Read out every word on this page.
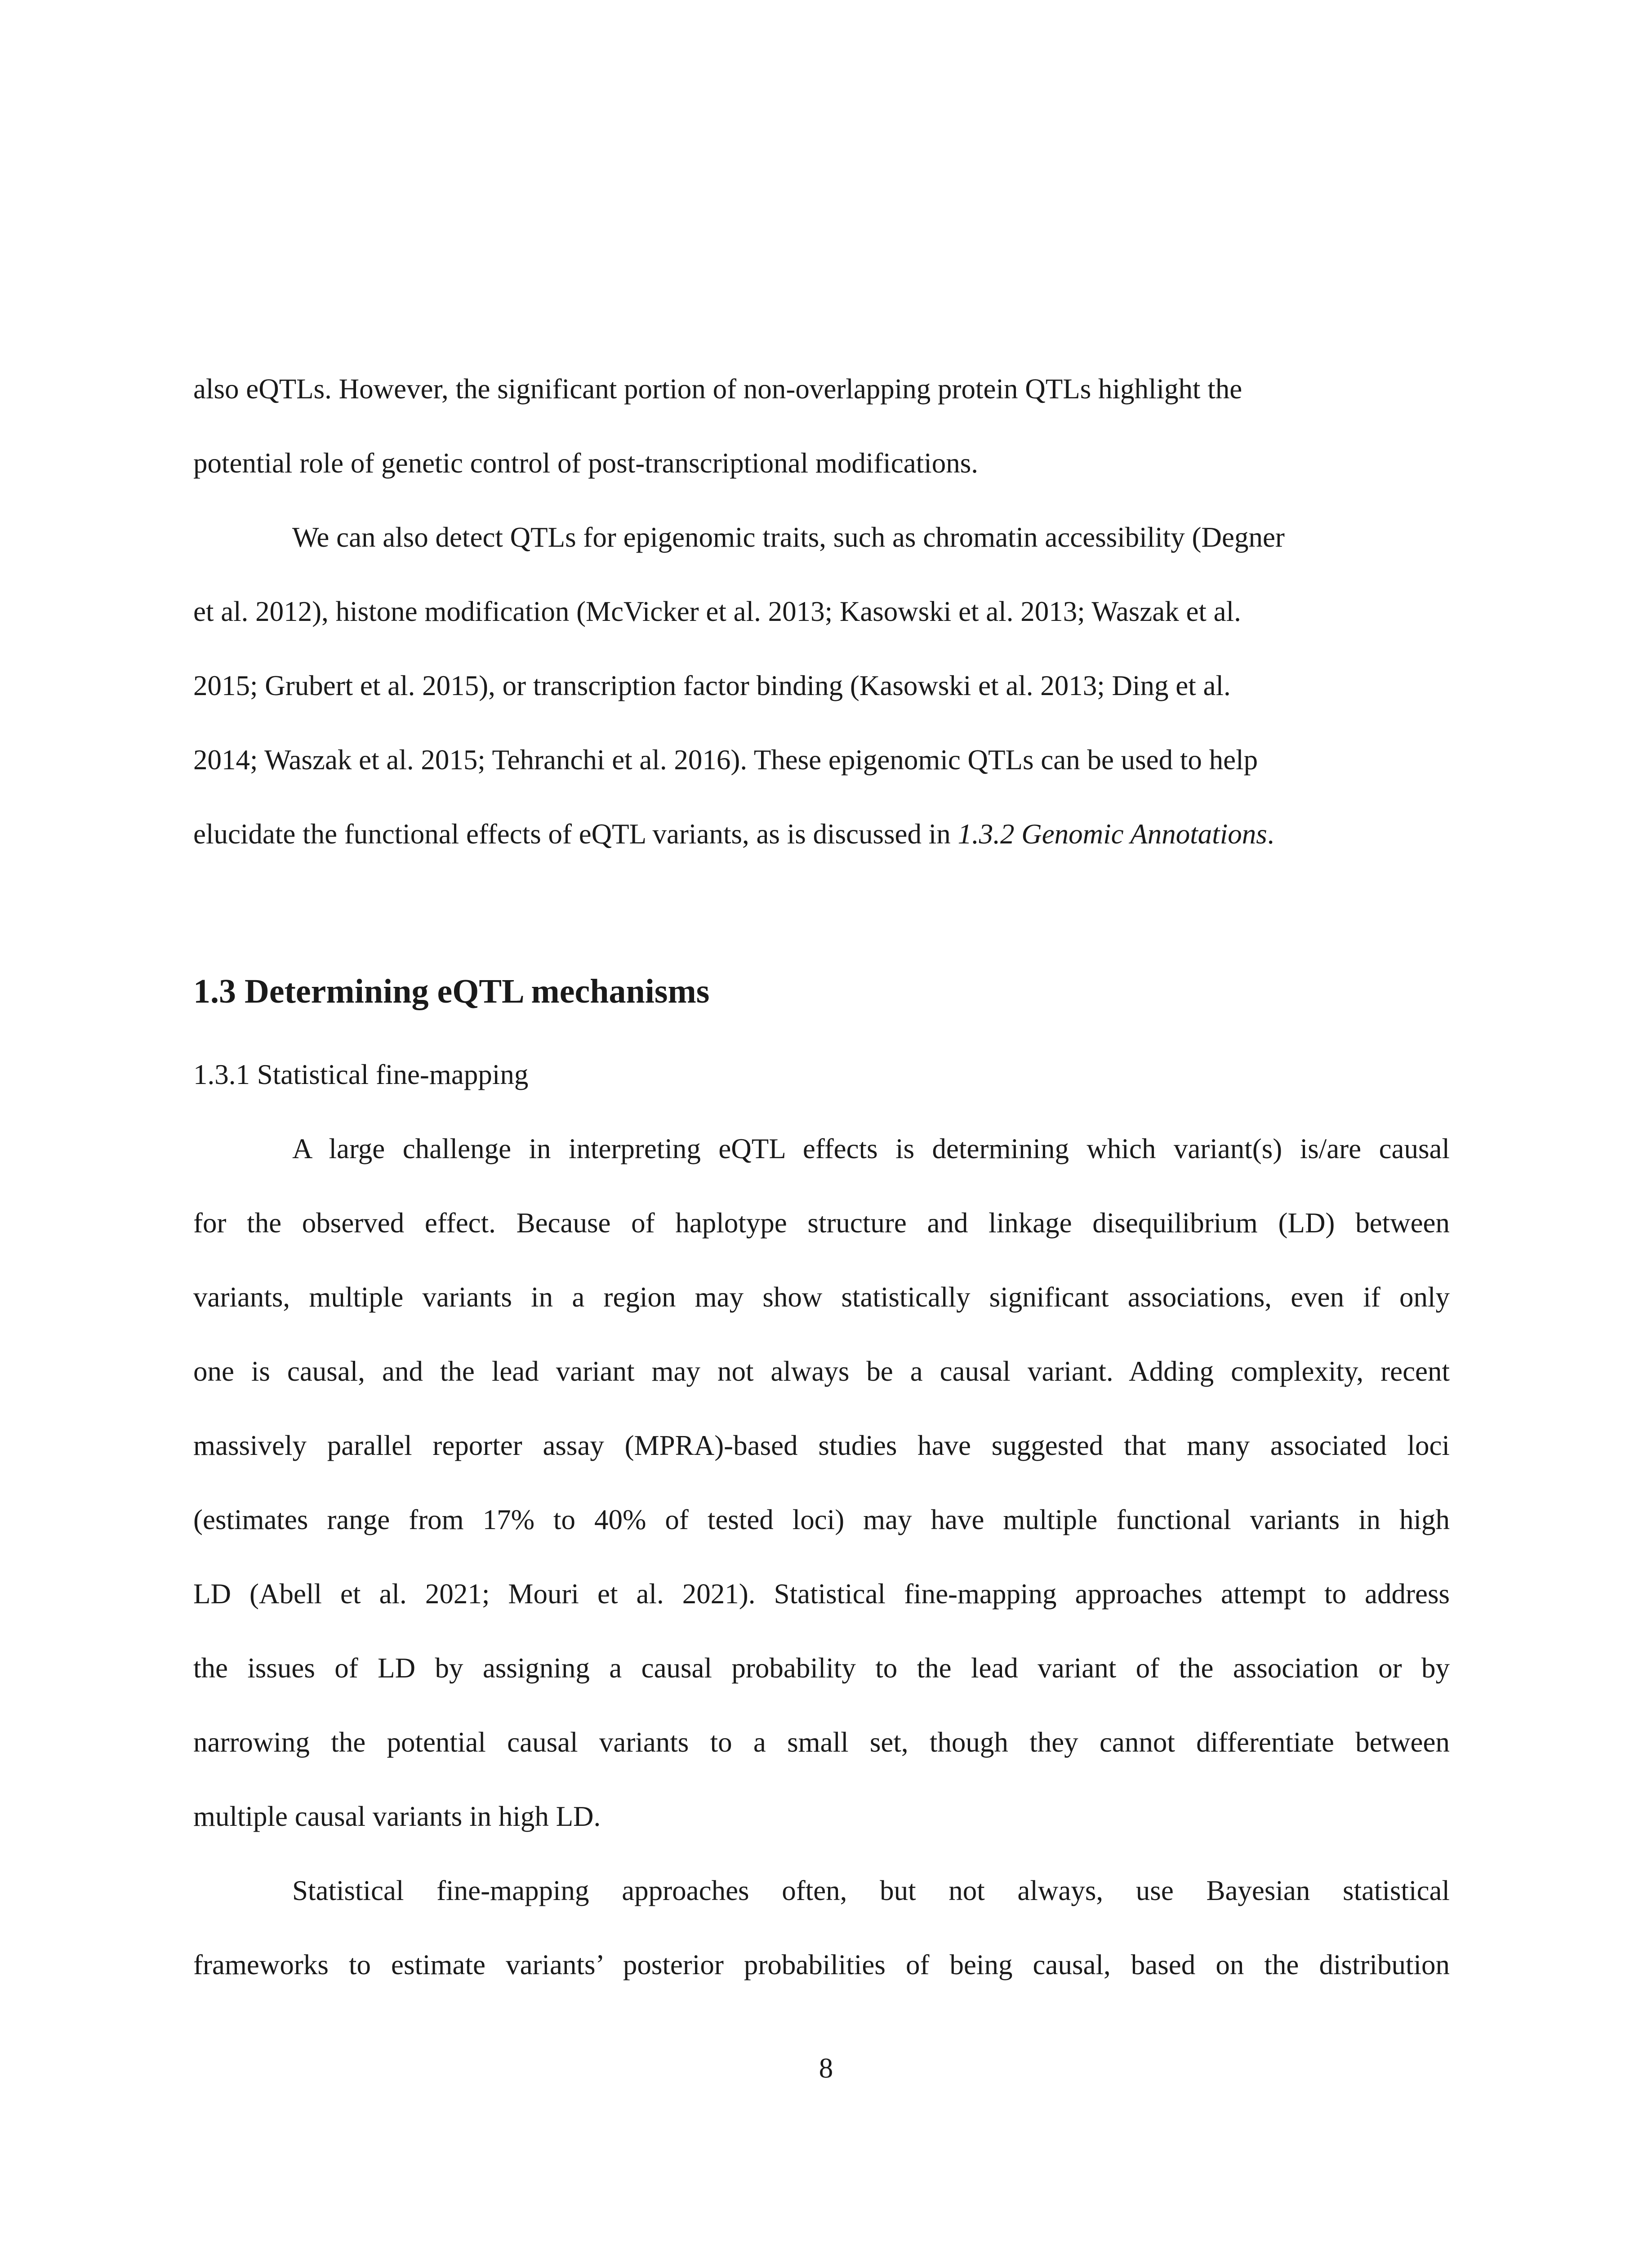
also eQTLs. However, the significant portion of non-overlapping protein QTLs highlight the
potential role of genetic control of post-transcriptional modifications.
We can also detect QTLs for epigenomic traits, such as chromatin accessibility (Degner
et al. 2012), histone modification (McVicker et al. 2013; Kasowski et al. 2013; Waszak et al.
2015; Grubert et al. 2015), or transcription factor binding (Kasowski et al. 2013; Ding et al.
2014; Waszak et al. 2015; Tehranchi et al. 2016). These epigenomic QTLs can be used to help
elucidate the functional effects of eQTL variants, as is discussed in 1.3.2 Genomic Annotations.
1.3 Determining eQTL mechanisms
1.3.1 Statistical fine-mapping
A large challenge in interpreting eQTL effects is determining which variant(s) is/are causal
for the observed effect. Because of haplotype structure and linkage disequilibrium (LD) between
variants, multiple variants in a region may show statistically significant associations, even if only
one is causal, and the lead variant may not always be a causal variant. Adding complexity, recent
massively parallel reporter assay (MPRA)-based studies have suggested that many associated loci
(estimates range from 17% to 40% of tested loci) may have multiple functional variants in high
LD (Abell et al. 2021; Mouri et al. 2021). Statistical fine-mapping approaches attempt to address
the issues of LD by assigning a causal probability to the lead variant of the association or by
narrowing the potential causal variants to a small set, though they cannot differentiate between
multiple causal variants in high LD.
Statistical fine-mapping approaches often, but not always, use Bayesian statistical
frameworks to estimate variants’ posterior probabilities of being causal, based on the distribution
8
